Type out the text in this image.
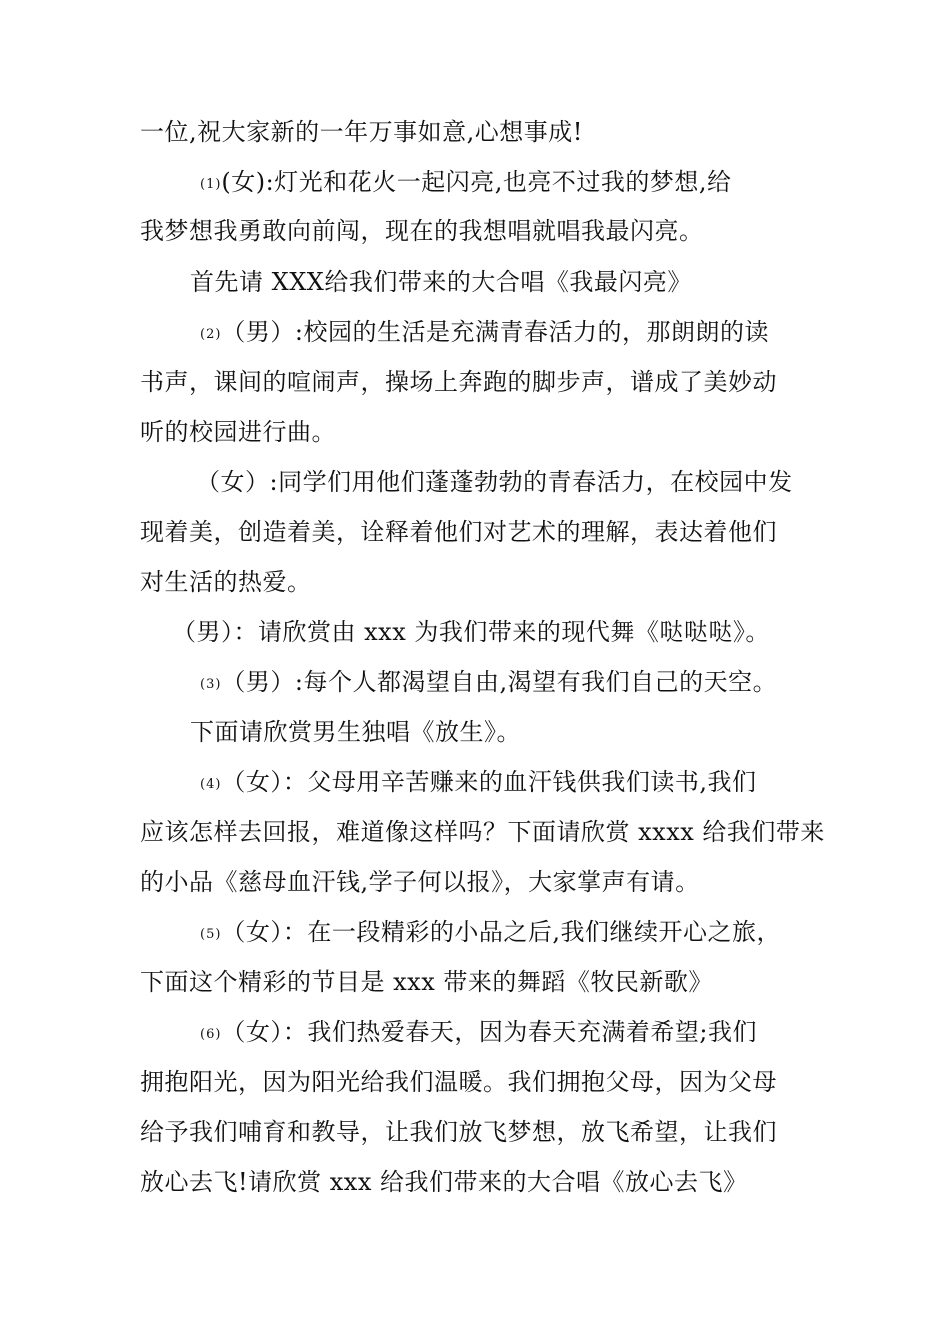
一位,祝大家新的一年万事如意,心想事成!
(1)(女):灯光和花火一起闪亮,也亮不过我的梦想,给
我梦想我勇敢向前闯，现在的我想唱就唱我最闪亮。
首先请 XXX给我们带来的大合唱《我最闪亮》
(2)（男）:校园的生活是充满青春活力的，那朗朗的读
书声，课间的喧闹声，操场上奔跑的脚步声，谱成了美妙动
听的校园进行曲。
（女）:同学们用他们蓬蓬勃勃的青春活力，在校园中发
现着美，创造着美，诠释着他们对艺术的理解，表达着他们
对生活的热爱。
（男）：请欣赏由 xxx 为我们带来的现代舞《哒哒哒》。
(3)（男）:每个人都渴望自由,渴望有我们自己的天空。
下面请欣赏男生独唱《放生》。
(4)（女）：父母用辛苦赚来的血汗钱供我们读书,我们
应该怎样去回报，难道像这样吗？下面请欣赏 xxxx 给我们带来
的小品《慈母血汗钱,学子何以报》，大家掌声有请。
(5)（女）：在一段精彩的小品之后,我们继续开心之旅，
下面这个精彩的节目是 xxx 带来的舞蹈《牧民新歌》
(6)（女）：我们热爱春天，因为春天充满着希望;我们
拥抱阳光，因为阳光给我们温暖。我们拥抱父母，因为父母
给予我们哺育和教导，让我们放飞梦想，放飞希望，让我们
放心去飞!请欣赏 xxx 给我们带来的大合唱《放心去飞》
